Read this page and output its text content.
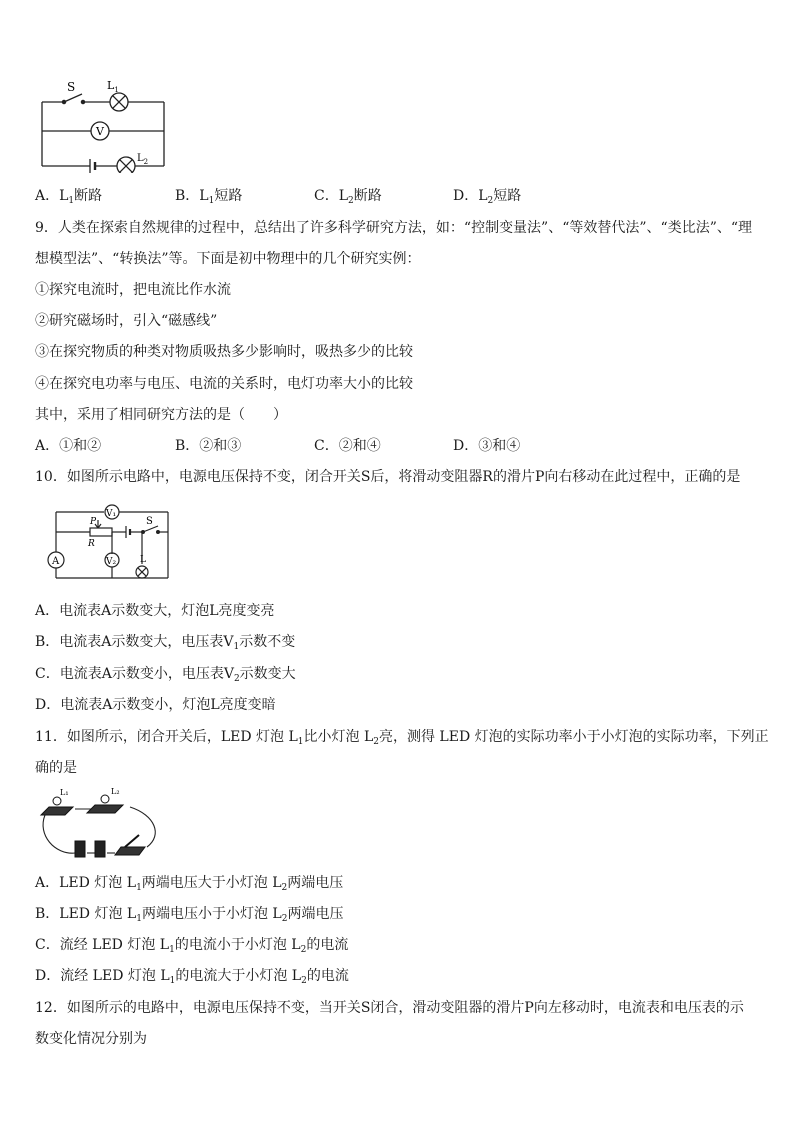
S	$L_1$
V
$L_2$
A．$L_1$断路	B．$L_1$短路	C．$L_2$断路	D．$L_2$短路
9．人类在探索自然规律的过程中，总结出了许多科学研究方法，如：“控制变量法”、“等效替代法”、“类比法”、“理
想模型法”、“转换法”等。下面是初中物理中的几个研究实例：
①探究电流时，把电流比作水流
②研究磁场时，引入“磁感线”
③在探究物质的种类对物质吸热多少影响时，吸热多少的比较
④在探究电功率与电压、电流的关系时，电灯功率大小的比较
其中，采用了相同研究方法的是（　　）
A．①和②	B．②和③	C．②和④	D．③和④
10．如图所示电路中，电源电压保持不变，闭合开关S后，将滑动变阻器R的滑片P向右移动在此过程中，正确的是
V₁
P
R
S
A	V₂	L
A．电流表A示数变大，灯泡L亮度变亮
B．电流表A示数变大，电压表$V_1$示数不变
C．电流表A示数变小，电压表$V_2$示数变大
D．电流表A示数变小，灯泡L亮度变暗
11．如图所示，闭合开关后，LED 灯泡 $L_1$比小灯泡 $L_2$亮，测得 LED 灯泡的实际功率小于小灯泡的实际功率，下列正
确的是
L₁	L₂
A．LED 灯泡 $L_1$两端电压大于小灯泡 $L_2$两端电压
B．LED 灯泡 $L_1$两端电压小于小灯泡 $L_2$两端电压
C．流经 LED 灯泡 $L_1$的电流小于小灯泡 $L_2$的电流
D．流经 LED 灯泡 $L_1$的电流大于小灯泡 $L_2$的电流
12．如图所示的电路中，电源电压保持不变，当开关S闭合，滑动变阻器的滑片P向左移动时，电流表和电压表的示
数变化情况分别为
